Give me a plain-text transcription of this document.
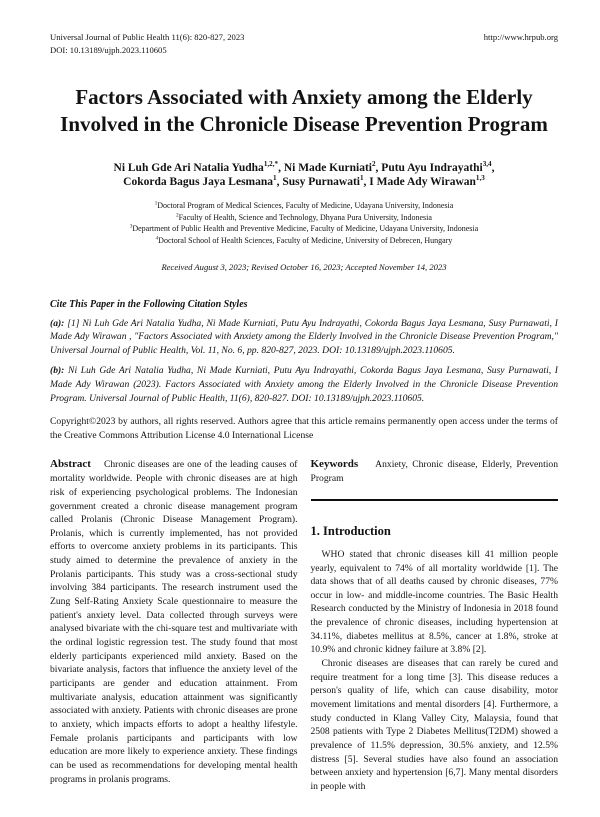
Universal Journal of Public Health 11(6): 820-827, 2023
DOI: 10.13189/ujph.2023.110605
http://www.hrpub.org
Factors Associated with Anxiety among the Elderly
Involved in the Chronicle Disease Prevention Program
Ni Luh Gde Ari Natalia Yudha$^{1,2,*}$, Ni Made Kurniati$^2$, Putu Ayu Indrayathi$^{3,4}$,
Cokorda Bagus Jaya Lesmana$^1$, Susy Purnawati$^1$, I Made Ady Wirawan$^{1,3}$
$^1$Doctoral Program of Medical Sciences, Faculty of Medicine, Udayana University, Indonesia
$^2$Faculty of Health, Science and Technology, Dhyana Pura University, Indonesia
$^3$Department of Public Health and Preventive Medicine, Faculty of Medicine, Udayana University, Indonesia
$^4$Doctoral School of Health Sciences, Faculty of Medicine, University of Debrecen, Hungary
Received August 3, 2023; Revised October 16, 2023; Accepted November 14, 2023
Cite This Paper in the Following Citation Styles

(a): [1] Ni Luh Gde Ari Natalia Yudha, Ni Made Kurniati, Putu Ayu Indrayathi, Cokorda Bagus Jaya Lesmana, Susy Purnawati, I Made Ady Wirawan , "Factors Associated with Anxiety among the Elderly Involved in the Chronicle Disease Prevention Program," Universal Journal of Public Health, Vol. 11, No. 6, pp. 820-827, 2023. DOI: 10.13189/ujph.2023.110605.

(b): Ni Luh Gde Ari Natalia Yudha, Ni Made Kurniati, Putu Ayu Indrayathi, Cokorda Bagus Jaya Lesmana, Susy Purnawati, I Made Ady Wirawan (2023). Factors Associated with Anxiety among the Elderly Involved in the Chronicle Disease Prevention Program. Universal Journal of Public Health, 11(6), 820-827. DOI: 10.13189/ujph.2023.110605.

Copyright©2023 by authors, all rights reserved. Authors agree that this article remains permanently open access under the terms of the Creative Commons Attribution License 4.0 International License

Abstract Chronic diseases are one of the leading causes of mortality worldwide. People with chronic diseases are at high risk of experiencing psychological problems. The Indonesian government created a chronic disease management program called Prolanis (Chronic Disease Management Program). Prolanis, which is currently implemented, has not provided efforts to overcome anxiety problems in its participants. This study aimed to determine the prevalence of anxiety in the Prolanis participants. This study was a cross-sectional study involving 384 participants. The research instrument used the Zung Self-Rating Anxiety Scale questionnaire to measure the patient's anxiety level. Data collected through surveys were analysed bivariate with the chi-square test and multivariate with the ordinal logistic regression test. The study found that most elderly participants experienced mild anxiety. Based on the bivariate analysis, factors that influence the anxiety level of the participants are gender and education attainment. From multivariate analysis, education attainment was significantly associated with anxiety. Patients with chronic diseases are prone to anxiety, which impacts efforts to adopt a healthy lifestyle. Female prolanis participants and participants with low education are more likely to experience anxiety. These findings can be used as recommendations for developing mental health programs in prolanis programs.

Keywords Anxiety, Chronic disease, Elderly, Prevention Program

1. Introduction

WHO stated that chronic diseases kill 41 million people yearly, equivalent to 74% of all mortality worldwide [1]. The data shows that of all deaths caused by chronic diseases, 77% occur in low- and middle-income countries. The Basic Health Research conducted by the Ministry of Indonesia in 2018 found the prevalence of chronic diseases, including hypertension at 34.11%, diabetes mellitus at 8.5%, cancer at 1.8%, stroke at 10.9% and chronic kidney failure at 3.8% [2].

Chronic diseases are diseases that can rarely be cured and require treatment for a long time [3]. This disease reduces a person's quality of life, which can cause disability, motor movement limitations and mental disorders [4]. Furthermore, a study conducted in Klang Valley City, Malaysia, found that 2508 patients with Type 2 Diabetes Mellitus(T2DM) showed a prevalence of 11.5% depression, 30.5% anxiety, and 12.5% distress [5]. Several studies have also found an association between anxiety and hypertension [6,7]. Many mental disorders in people with
